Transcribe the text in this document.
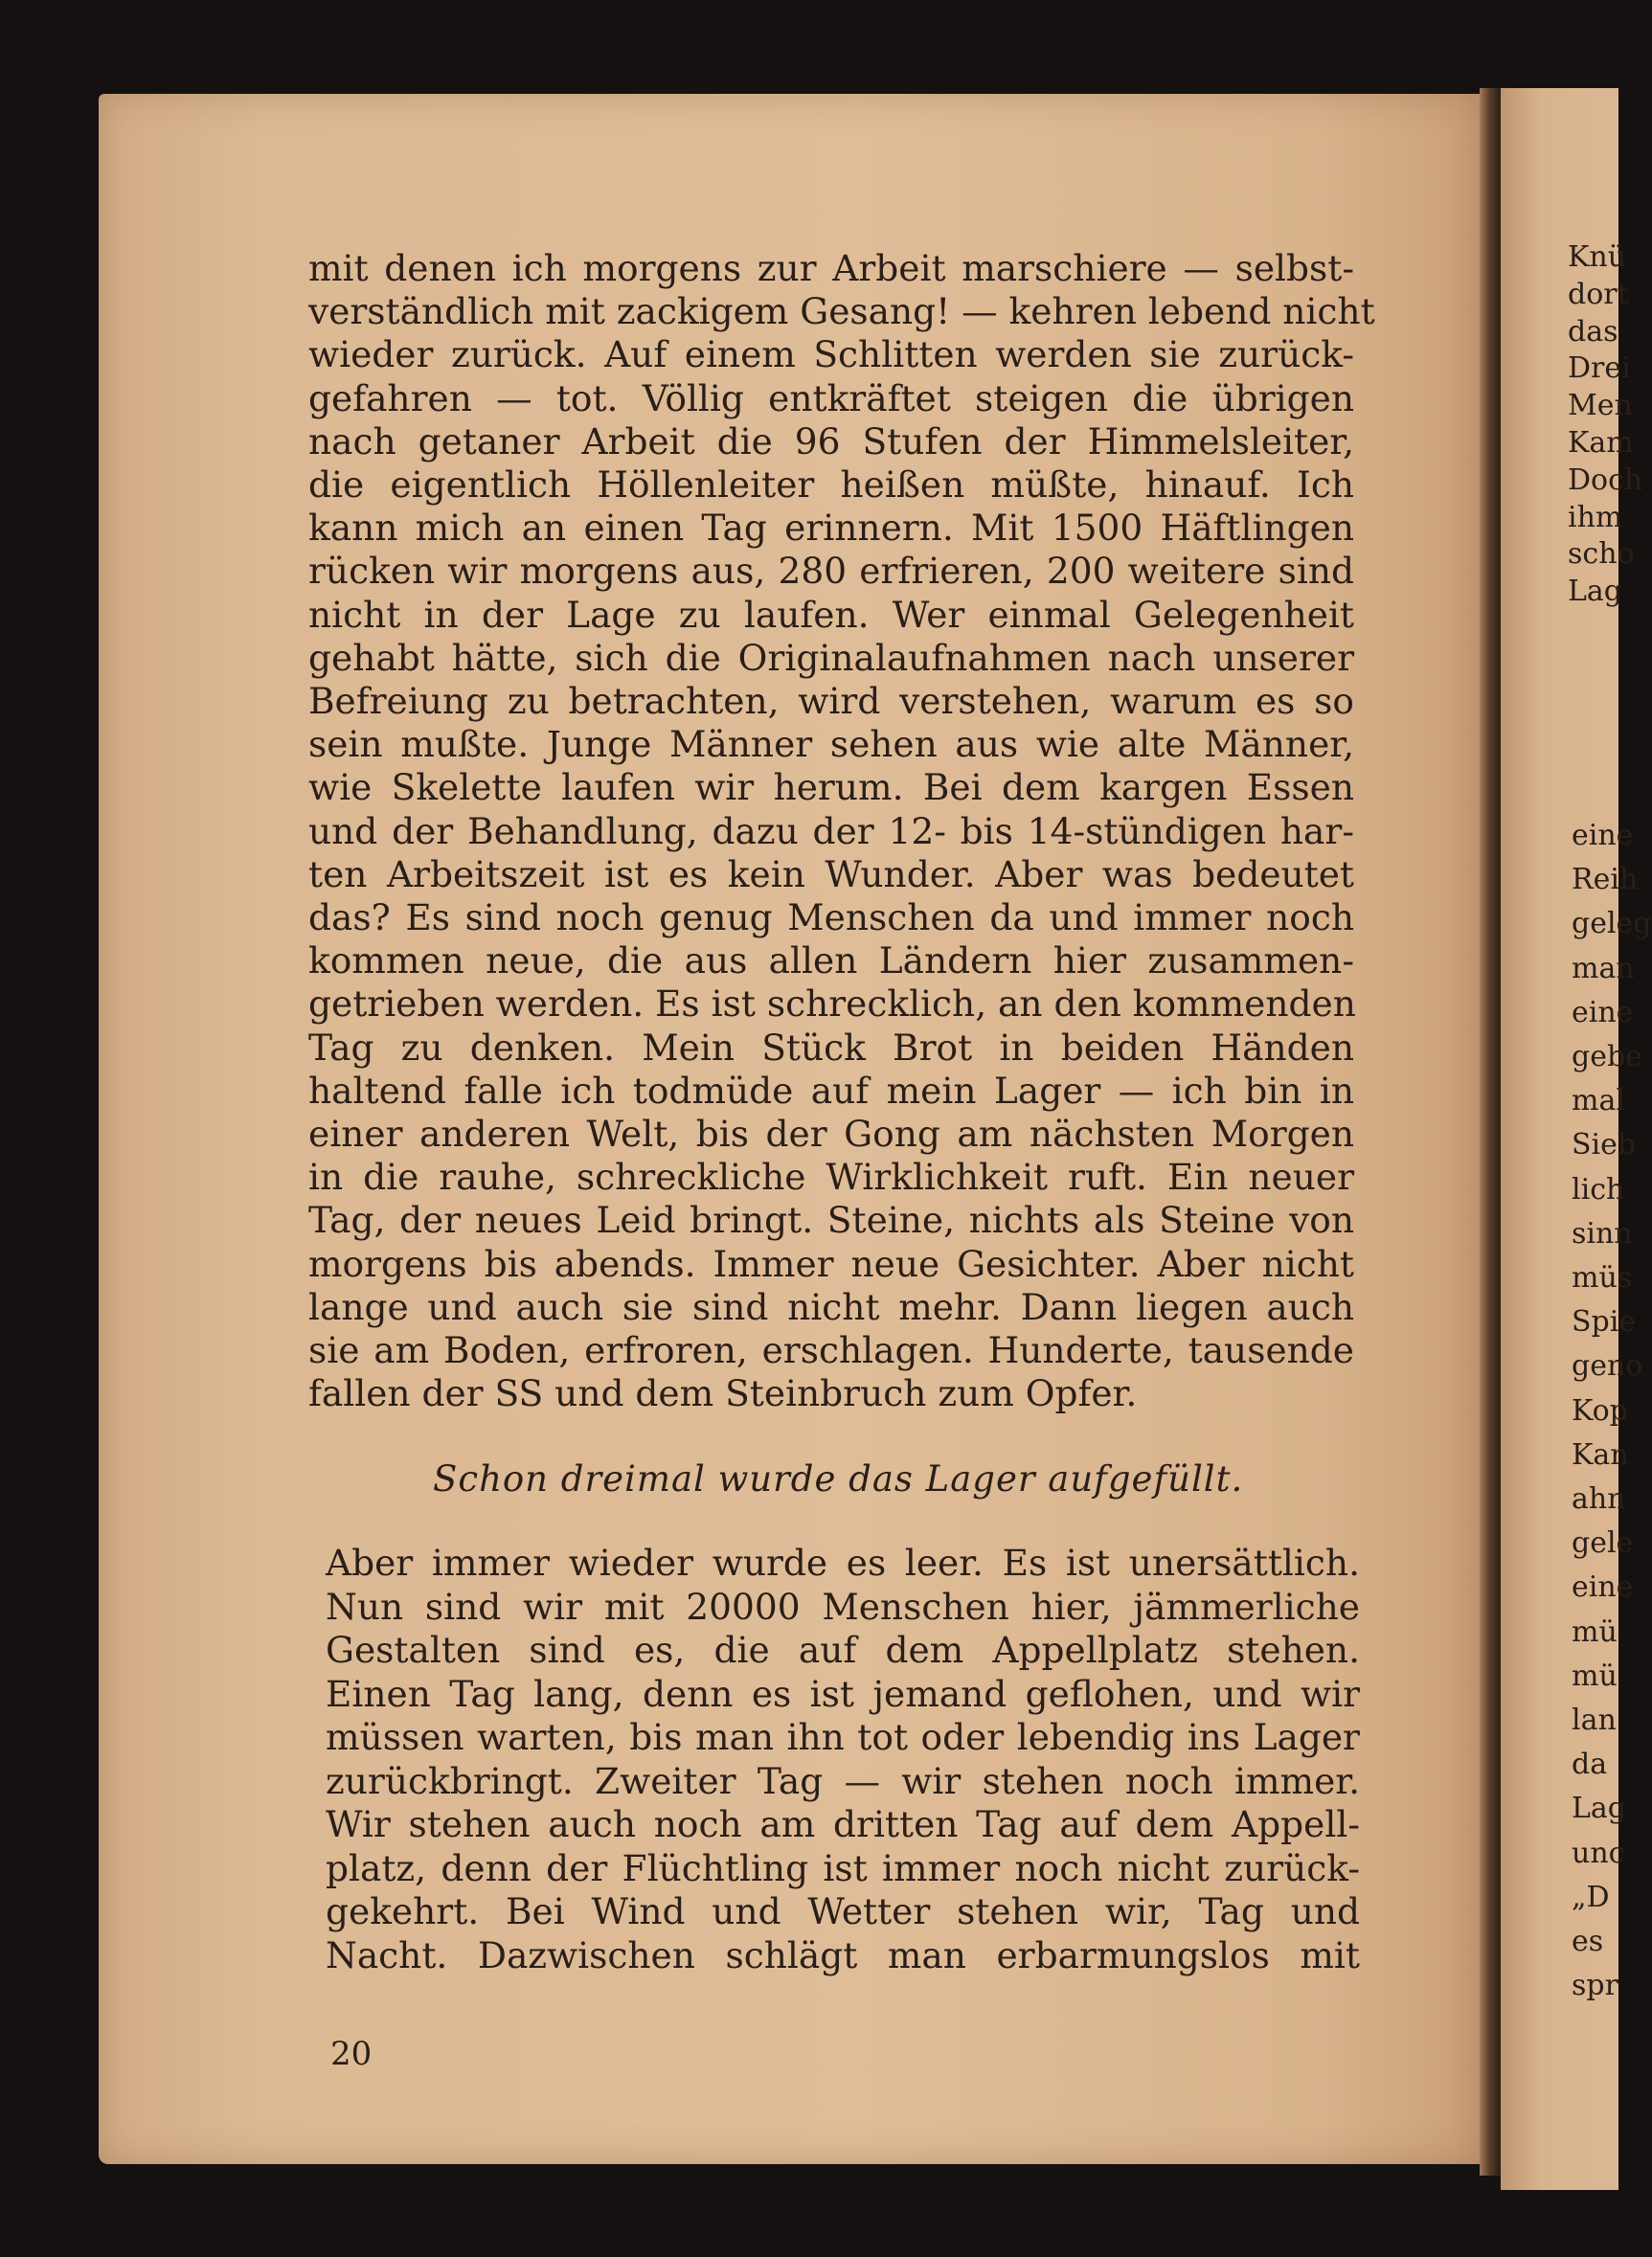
mit denen ich morgens zur Arbeit marschiere — selbst-
verständlich mit zackigem Gesang! — kehren lebend nicht
wieder zurück. Auf einem Schlitten werden sie zurück-
gefahren — tot. Völlig entkräftet steigen die übrigen
nach getaner Arbeit die 96 Stufen der Himmelsleiter,
die eigentlich Höllenleiter heißen müßte, hinauf. Ich
kann mich an einen Tag erinnern. Mit 1500 Häftlingen
rücken wir morgens aus, 280 erfrieren, 200 weitere sind
nicht in der Lage zu laufen. Wer einmal Gelegenheit
gehabt hätte, sich die Originalaufnahmen nach unserer
Befreiung zu betrachten, wird verstehen, warum es so
sein mußte. Junge Männer sehen aus wie alte Männer,
wie Skelette laufen wir herum. Bei dem kargen Essen
und der Behandlung, dazu der 12- bis 14-stündigen har-
ten Arbeitszeit ist es kein Wunder. Aber was bedeutet
das? Es sind noch genug Menschen da und immer noch
kommen neue, die aus allen Ländern hier zusammen-
getrieben werden. Es ist schrecklich, an den kommenden
Tag zu denken. Mein Stück Brot in beiden Händen
haltend falle ich todmüde auf mein Lager — ich bin in
einer anderen Welt, bis der Gong am nächsten Morgen
in die rauhe, schreckliche Wirklichkeit ruft. Ein neuer
Tag, der neues Leid bringt. Steine, nichts als Steine von
morgens bis abends. Immer neue Gesichter. Aber nicht
lange und auch sie sind nicht mehr. Dann liegen auch
sie am Boden, erfroren, erschlagen. Hunderte, tausende
fallen der SS und dem Steinbruch zum Opfer.
Schon dreimal wurde das Lager aufgefüllt.
Aber immer wieder wurde es leer. Es ist unersättlich.
Nun sind wir mit 20000 Menschen hier, jämmerliche
Gestalten sind es, die auf dem Appellplatz stehen.
Einen Tag lang, denn es ist jemand geflohen, und wir
müssen warten, bis man ihn tot oder lebendig ins Lager
zurückbringt. Zweiter Tag — wir stehen noch immer.
Wir stehen auch noch am dritten Tag auf dem Appell-
platz, denn der Flüchtling ist immer noch nicht zurück-
gekehrt. Bei Wind und Wetter stehen wir, Tag und
Nacht. Dazwischen schlägt man erbarmungslos mit
20
Knü
dort
das
Drei
Men
Kam
Doch
ihm
scho
Lag
eine
Reih
geleg
man
eine
gebe
mal
Sieb
lich
sinn
müs
Spie
geno
Kop
Kan
ahn
gele
eine
mü
mü
lan
da
Lag
unc
„D
es
spr
